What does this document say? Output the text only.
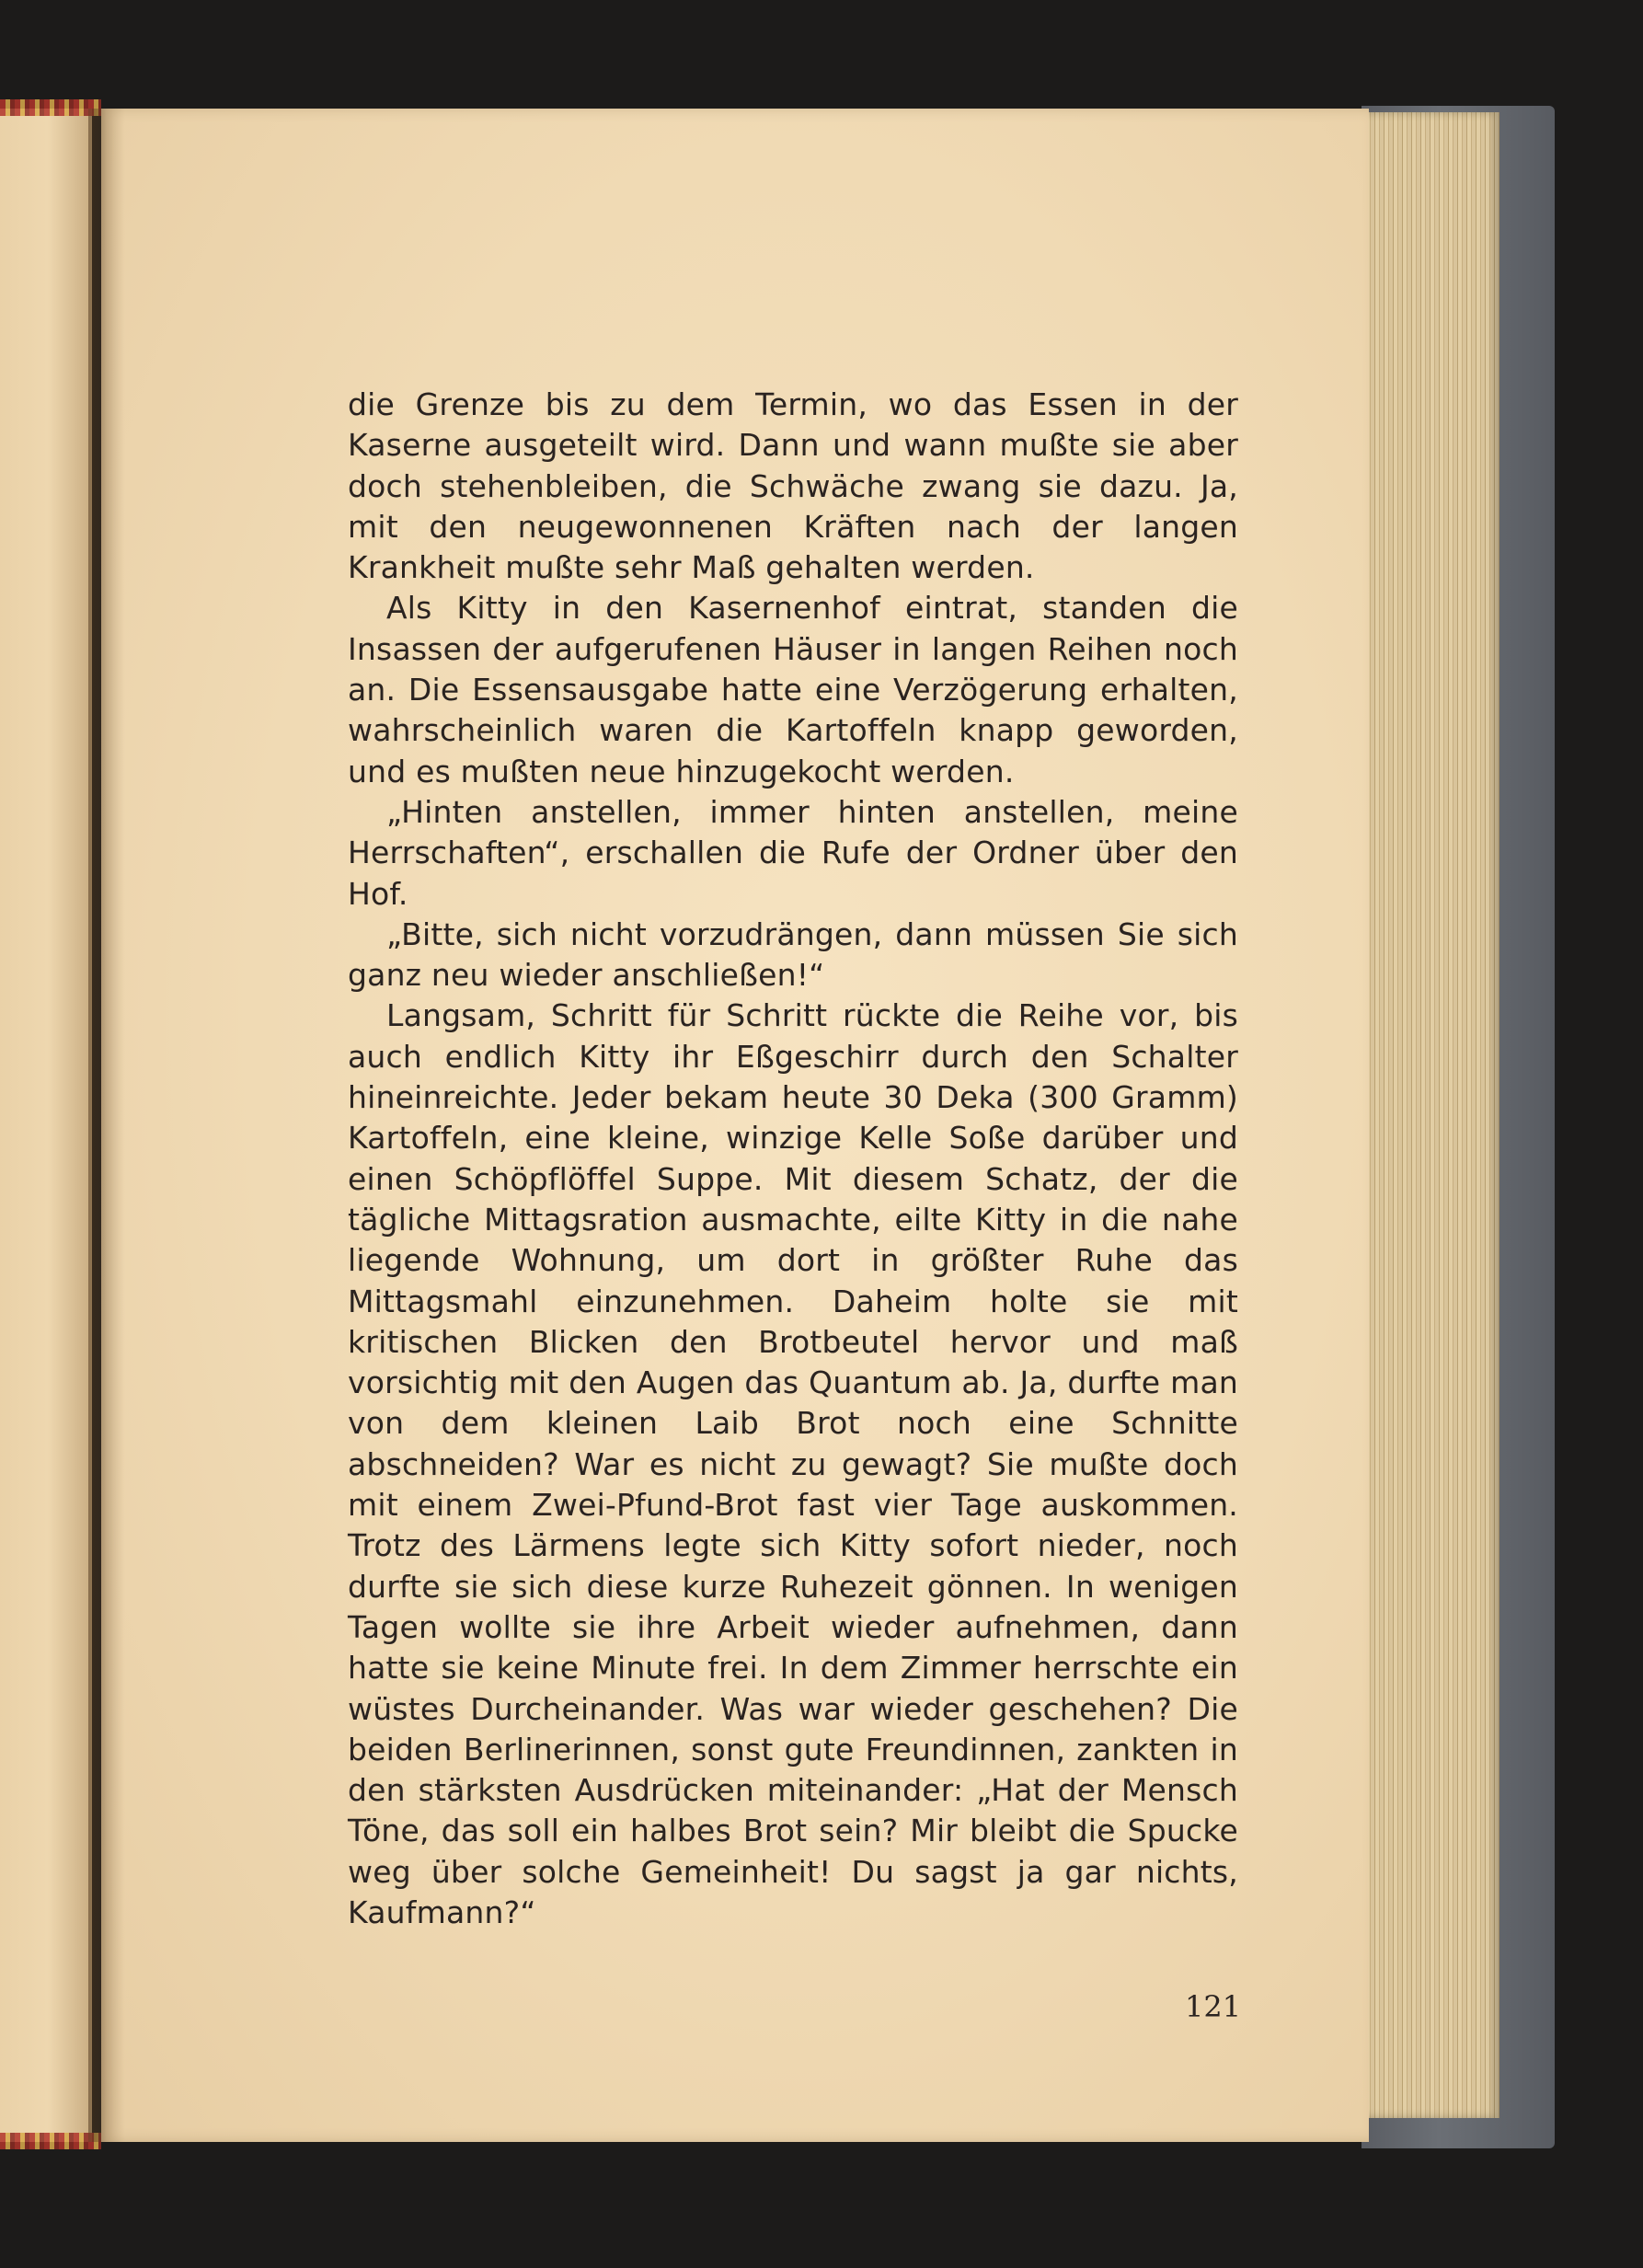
die Grenze bis zu dem Termin, wo das Essen in der Kaserne ausgeteilt wird. Dann und wann mußte sie aber doch stehenbleiben, die Schwäche zwang sie dazu. Ja, mit den neugewonnenen Kräften nach der langen Krankheit mußte sehr Maß gehalten werden.

Als Kitty in den Kasernenhof eintrat, standen die Insassen der aufgerufenen Häuser in langen Reihen noch an. Die Essensausgabe hatte eine Verzögerung erhalten, wahrscheinlich waren die Kartoffeln knapp geworden, und es mußten neue hinzugekocht werden.

„Hinten anstellen, immer hinten anstellen, meine Herrschaften“, erschallen die Rufe der Ordner über den Hof.

„Bitte, sich nicht vorzudrängen, dann müssen Sie sich ganz neu wieder anschließen!“

Langsam, Schritt für Schritt rückte die Reihe vor, bis auch endlich Kitty ihr Eßgeschirr durch den Schalter hineinreichte. Jeder bekam heute 30 Deka (300 Gramm) Kartoffeln, eine kleine, winzige Kelle Soße darüber und einen Schöpflöffel Suppe. Mit diesem Schatz, der die tägliche Mittagsration ausmachte, eilte Kitty in die nahe liegende Wohnung, um dort in größter Ruhe das Mittagsmahl einzunehmen. Daheim holte sie mit kritischen Blicken den Brotbeutel hervor und maß vorsichtig mit den Augen das Quantum ab. Ja, durfte man von dem kleinen Laib Brot noch eine Schnitte abschneiden? War es nicht zu gewagt? Sie mußte doch mit einem Zwei-Pfund-Brot fast vier Tage auskommen. Trotz des Lärmens legte sich Kitty sofort nieder, noch durfte sie sich diese kurze Ruhezeit gönnen. In wenigen Tagen wollte sie ihre Arbeit wieder aufnehmen, dann hatte sie keine Minute frei. In dem Zimmer herrschte ein wüstes Durcheinander. Was war wieder geschehen? Die beiden Berlinerinnen, sonst gute Freundinnen, zankten in den stärksten Ausdrücken miteinander: „Hat der Mensch Töne, das soll ein halbes Brot sein? Mir bleibt die Spucke weg über solche Gemeinheit! Du sagst ja gar nichts, Kaufmann?“

121
